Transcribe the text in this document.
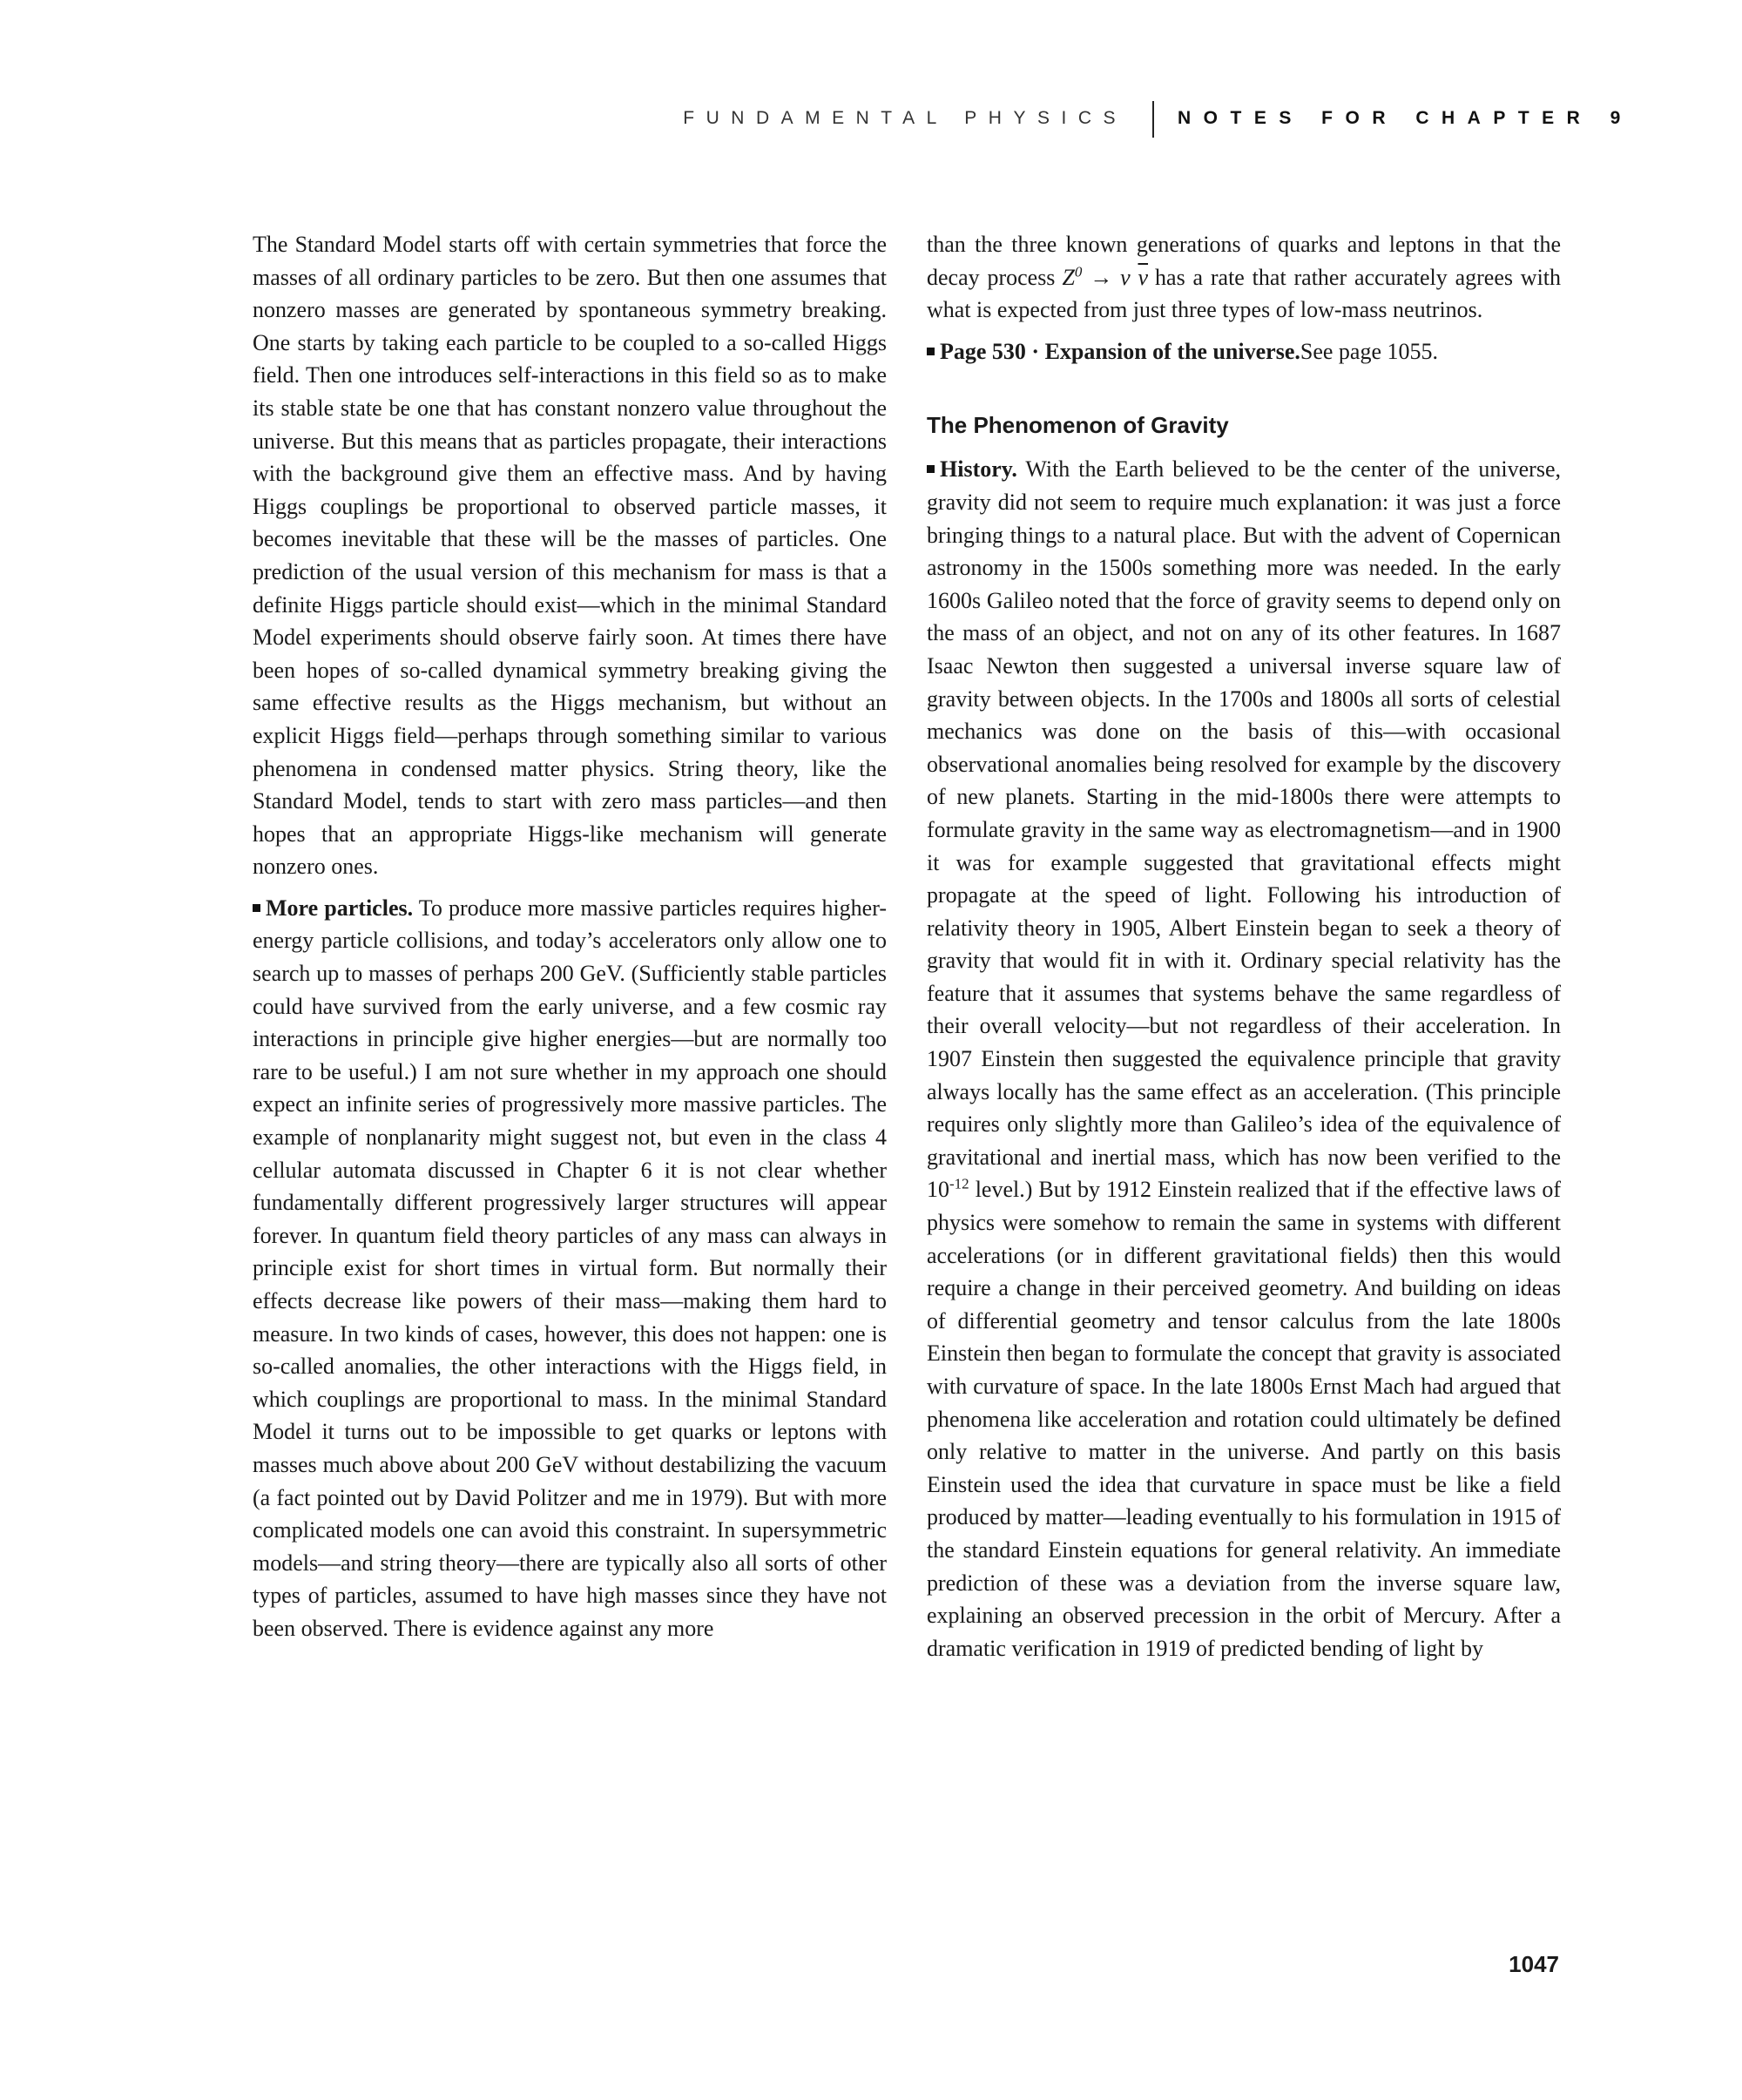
FUNDAMENTAL PHYSICS	NOTES FOR CHAPTER 9

The Standard Model starts off with certain symmetries that force the masses of all ordinary particles to be zero. But then one assumes that nonzero masses are generated by spontaneous symmetry breaking. One starts by taking each particle to be coupled to a so-called Higgs field. Then one introduces self-interactions in this field so as to make its stable state be one that has constant nonzero value throughout the universe. But this means that as particles propagate, their interactions with the background give them an effective mass. And by having Higgs couplings be proportional to observed particle masses, it becomes inevitable that these will be the masses of particles. One prediction of the usual version of this mechanism for mass is that a definite Higgs particle should exist—which in the minimal Standard Model experiments should observe fairly soon. At times there have been hopes of so-called dynamical symmetry breaking giving the same effective results as the Higgs mechanism, but without an explicit Higgs field—perhaps through something similar to various phenomena in condensed matter physics. String theory, like the Standard Model, tends to start with zero mass particles—and then hopes that an appropriate Higgs-like mechanism will generate nonzero ones.

More particles. To produce more massive particles requires higher-energy particle collisions, and today’s accelerators only allow one to search up to masses of perhaps 200 GeV. (Sufficiently stable particles could have survived from the early universe, and a few cosmic ray interactions in principle give higher energies—but are normally too rare to be useful.) I am not sure whether in my approach one should expect an infinite series of progressively more massive particles. The example of nonplanarity might suggest not, but even in the class 4 cellular automata discussed in Chapter 6 it is not clear whether fundamentally different progressively larger structures will appear forever. In quantum field theory particles of any mass can always in principle exist for short times in virtual form. But normally their effects decrease like powers of their mass—making them hard to measure. In two kinds of cases, however, this does not happen: one is so-called anomalies, the other interactions with the Higgs field, in which couplings are proportional to mass. In the minimal Standard Model it turns out to be impossible to get quarks or leptons with masses much above about 200 GeV without destabilizing the vacuum (a fact pointed out by David Politzer and me in 1979). But with more complicated models one can avoid this constraint. In supersymmetric models—and string theory—there are typically also all sorts of other types of particles, assumed to have high masses since they have not been observed. There is evidence against any more

than the three known generations of quarks and leptons in that the decay process $Z^0 \to \nu$ $\overline{\nu}$ has a rate that rather accurately agrees with what is expected from just three types of low-mass neutrinos.

Page 530 · Expansion of the universe.See page 1055.

The Phenomenon of Gravity

History. With the Earth believed to be the center of the universe, gravity did not seem to require much explanation: it was just a force bringing things to a natural place. But with the advent of Copernican astronomy in the 1500s something more was needed. In the early 1600s Galileo noted that the force of gravity seems to depend only on the mass of an object, and not on any of its other features. In 1687 Isaac Newton then suggested a universal inverse square law of gravity between objects. In the 1700s and 1800s all sorts of celestial mechanics was done on the basis of this—with occasional observational anomalies being resolved for example by the discovery of new planets. Starting in the mid-1800s there were attempts to formulate gravity in the same way as electromagnetism—and in 1900 it was for example suggested that gravitational effects might propagate at the speed of light. Following his introduction of relativity theory in 1905, Albert Einstein began to seek a theory of gravity that would fit in with it. Ordinary special relativity has the feature that it assumes that systems behave the same regardless of their overall velocity—but not regardless of their acceleration. In 1907 Einstein then suggested the equivalence principle that gravity always locally has the same effect as an acceleration. (This principle requires only slightly more than Galileo’s idea of the equivalence of gravitational and inertial mass, which has now been verified to the $10^{-12}$ level.) But by 1912 Einstein realized that if the effective laws of physics were somehow to remain the same in systems with different accelerations (or in different gravitational fields) then this would require a change in their perceived geometry. And building on ideas of differential geometry and tensor calculus from the late 1800s Einstein then began to formulate the concept that gravity is associated with curvature of space. In the late 1800s Ernst Mach had argued that phenomena like acceleration and rotation could ultimately be defined only relative to matter in the universe. And partly on this basis Einstein used the idea that curvature in space must be like a field produced by matter—leading eventually to his formulation in 1915 of the standard Einstein equations for general relativity. An immediate prediction of these was a deviation from the inverse square law, explaining an observed precession in the orbit of Mercury. After a dramatic verification in 1919 of predicted bending of light by

1047
